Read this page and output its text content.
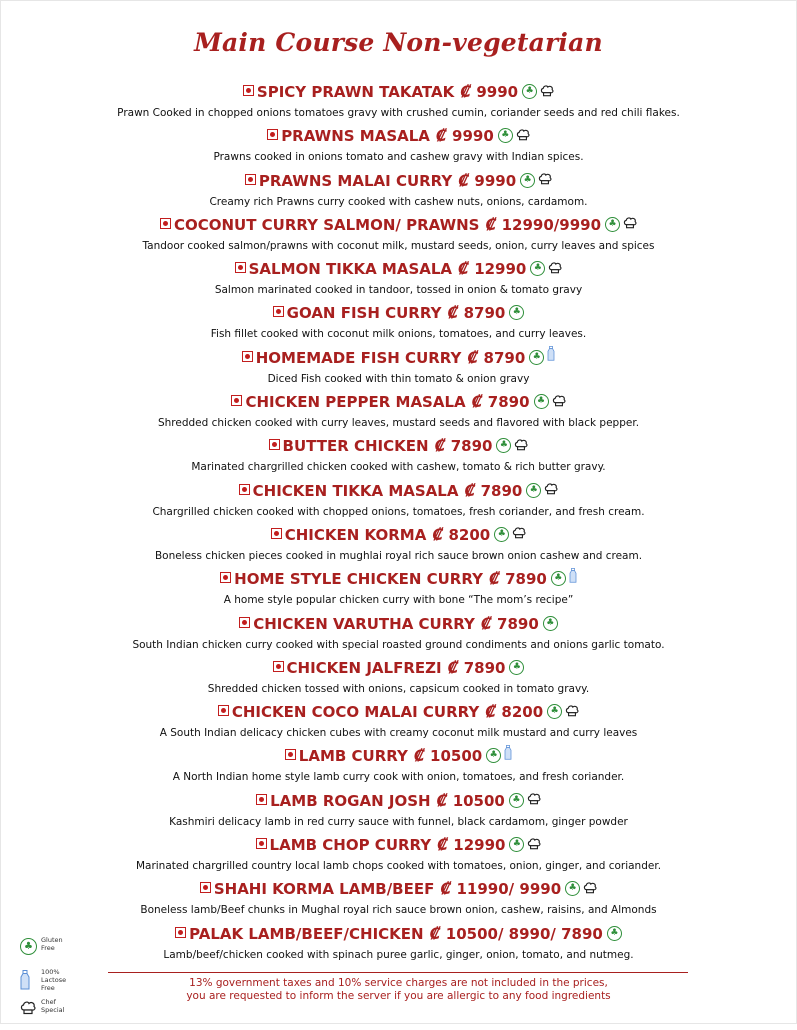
Main Course Non-vegetarian
SPICY PRAWN TAKATAK ₡ 9990 ♣
Prawn Cooked in chopped onions tomatoes gravy with crushed cumin, coriander seeds and red chili flakes.
PRAWNS MASALA ₡ 9990 ♣
Prawns cooked in onions tomato and cashew gravy with Indian spices.
PRAWNS MALAI CURRY ₡ 9990 ♣
Creamy rich Prawns curry cooked with cashew nuts, onions, cardamom.
COCONUT CURRY SALMON/ PRAWNS ₡ 12990/9990 ♣
Tandoor cooked salmon/prawns with coconut milk, mustard seeds, onion, curry leaves and spices
SALMON TIKKA MASALA ₡ 12990 ♣
Salmon marinated cooked in tandoor, tossed in onion & tomato gravy
GOAN FISH CURRY ₡ 8790 ♣
Fish fillet cooked with coconut milk onions, tomatoes, and curry leaves.
HOMEMADE FISH CURRY ₡ 8790 ♣
Diced Fish cooked with thin tomato & onion gravy
CHICKEN PEPPER MASALA ₡ 7890 ♣
Shredded chicken cooked with curry leaves, mustard seeds and flavored with black pepper.
BUTTER CHICKEN ₡ 7890 ♣
Marinated chargrilled chicken cooked with cashew, tomato & rich butter gravy.
CHICKEN TIKKA MASALA ₡ 7890 ♣
Chargrilled chicken cooked with chopped onions, tomatoes, fresh coriander, and fresh cream.
CHICKEN KORMA ₡ 8200 ♣
Boneless chicken pieces cooked in mughlai royal rich sauce brown onion cashew and cream.
HOME STYLE CHICKEN CURRY ₡ 7890 ♣
A home style popular chicken curry with bone “The mom’s recipe”
CHICKEN VARUTHA CURRY ₡ 7890 ♣
South Indian chicken curry cooked with special roasted ground condiments and onions garlic tomato.
CHICKEN JALFREZI ₡ 7890 ♣
Shredded chicken tossed with onions, capsicum cooked in tomato gravy.
CHICKEN COCO MALAI CURRY ₡ 8200 ♣
A South Indian delicacy chicken cubes with creamy coconut milk mustard and curry leaves
LAMB CURRY ₡ 10500 ♣
A North Indian home style lamb curry cook with onion, tomatoes, and fresh coriander.
LAMB ROGAN JOSH ₡ 10500 ♣
Kashmiri delicacy lamb in red curry sauce with funnel, black cardamom, ginger powder
LAMB CHOP CURRY ₡ 12990 ♣
Marinated chargrilled country local lamb chops cooked with tomatoes, onion, ginger, and coriander.
SHAHI KORMA LAMB/BEEF ₡ 11990/ 9990 ♣
Boneless lamb/Beef chunks in Mughal royal rich sauce brown onion, cashew, raisins, and Almonds
PALAK LAMB/BEEF/CHICKEN ₡ 10500/ 8990/ 7890 ♣
Lamb/beef/chicken cooked with spinach puree garlic, ginger, onion, tomato, and nutmeg.
♣
Gluten
Free
100%
Lactose
Free
Chef
Special
13% government taxes and 10% service charges are not included in the prices,
you are requested to inform the server if you are allergic to any food ingredients
